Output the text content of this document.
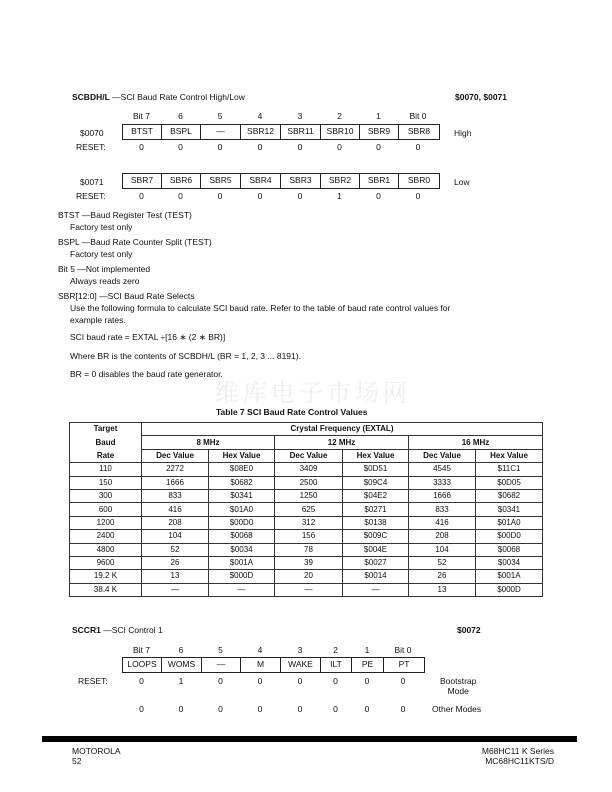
SCBDH/L —SCI Baud Rate Control High/Low	$0070, $0071
Bit 7	6	5	4	3	2	1	Bit 0
$0070	BTST	BSPL	—	SBR12	SBR11	SBR10	SBR9	SBR8	High
RESET:	0	0	0	0	0	0	0	0
$0071	SBR7	SBR6	SBR5	SBR4	SBR3	SBR2	SBR1	SBR0	Low
RESET:	0	0	0	0	0	1	0	0
BTST —Baud Register Test (TEST)
Factory test only
BSPL —Baud Rate Counter Split (TEST)
Factory test only
Bit 5 —Not implemented
Always reads zero
SBR[12:0] —SCI Baud Rate Selects
Use the following formula to calculate SCI baud rate. Refer to the table of baud rate control values for
example rates.
SCI baud rate = EXTAL ÷[16 ∗ (2 ∗ BR)]
Where BR is the contents of SCBDH/L (BR = 1, 2, 3 ... 8191).
BR = 0 disables the baud rate generator.
维库电子市场网
Table 7 SCI Baud Rate Control Values
Target	Crystal Frequency (EXTAL)					
Baud	8 MHz		12 MHz		16 MHz	
Rate	Dec Value	Hex Value	Dec Value	Hex Value	Dec Value	Hex Value
110	2272	$08E0	3409	$0D51	4545	$11C1
150	1666	$0682	2500	$09C4	3333	$0D05
300	833	$0341	1250	$04E2	1666	$0682
600	416	$01A0	625	$0271	833	$0341
1200	208	$00D0	312	$0138	416	$01A0
2400	104	$0068	156	$009C	208	$00D0
4800	52	$0034	78	$004E	104	$0068
9600	26	$001A	39	$0027	52	$0034
19.2 K	13	$000D	20	$0014	26	$001A
38.4 K	—	—	—	—	13	$000D
SCCR1 —SCI Control 1	$0072
Bit 7	6	5	4	3	2	1	Bit 0
LOOPS	WOMS	—	M	WAKE	ILT	PE	PT
RESET:	0	1	0	0	0	0	0	0	Bootstrap
Mode
0	0	0	0	0	0	0	0	Other Modes
MOTOROLA
52
M68HC11 K Series
MC68HC11KTS/D
